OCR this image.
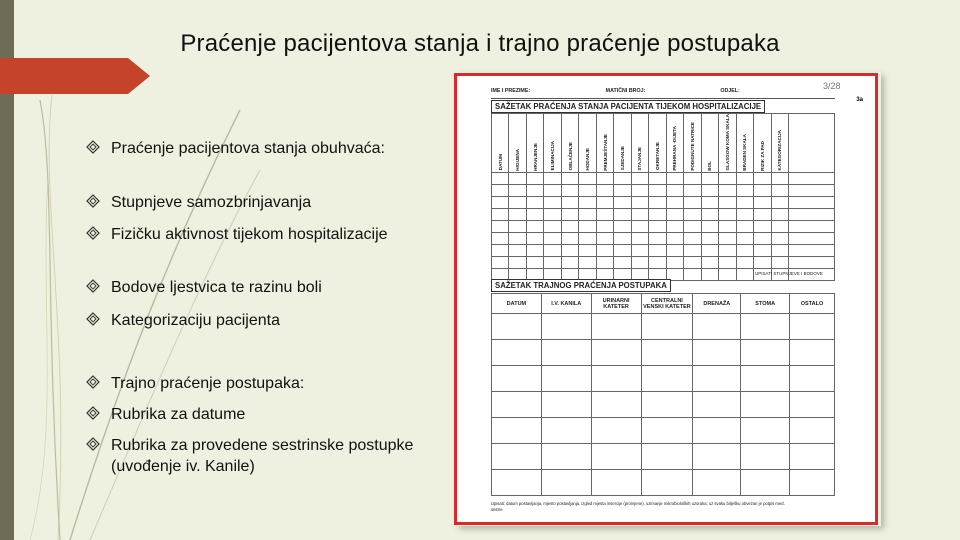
Praćenje pacijentova stanja i trajno praćenje postupaka
Praćenje pacijentova stanja obuhvaća:
Stupnjeve samozbrinjavanja
Fizičku aktivnost tijekom hospitalizacije
Bodove ljestvica te razinu boli
Kategorizaciju pacijenta
Trajno praćenje postupaka:
Rubrika za datume
Rubrika za provedene sestrinske postupke (uvođenje iv. Kanile)
3/28
3a
IME I PREZIME:	MATIČNI BROJ:	ODJEL:
SAŽETAK PRAĆENJA STANJA PACIJENTA TIJEKOM HOSPITALIZACIJE
DATUM	HIGIJENA	HRANJENJE	ELIMINACIJA	OBLAČENJE	HODANJE	PREMJEŠTANJE	SJEDANJE	STAJANJE	OKRETANJE	PREHRANA -DIJETA	PODIGNUTE NATRICE	BOL	GLASGOW KOMA SKALA	BRADEN SKALA	RIZIK ZA PAD	KATEGORIZACIJA	

UPISATI STUPNJEVE I BODOVE
SAŽETAK TRAJNOG PRAĆENJA POSTUPAKA
DATUM	I.V. KANILA	URINARNI KATETER	CENTRALNI VENSKI KATETER	DRENAŽA	STOMA	OSTALO

Upisati: datum postavljanja, mjesto postavljanja, izgled mjesta insercije (promjene), uzimanje mikrobioloških uzoraka; uz svaku bilješku obvezan je potpis med. sestre.
